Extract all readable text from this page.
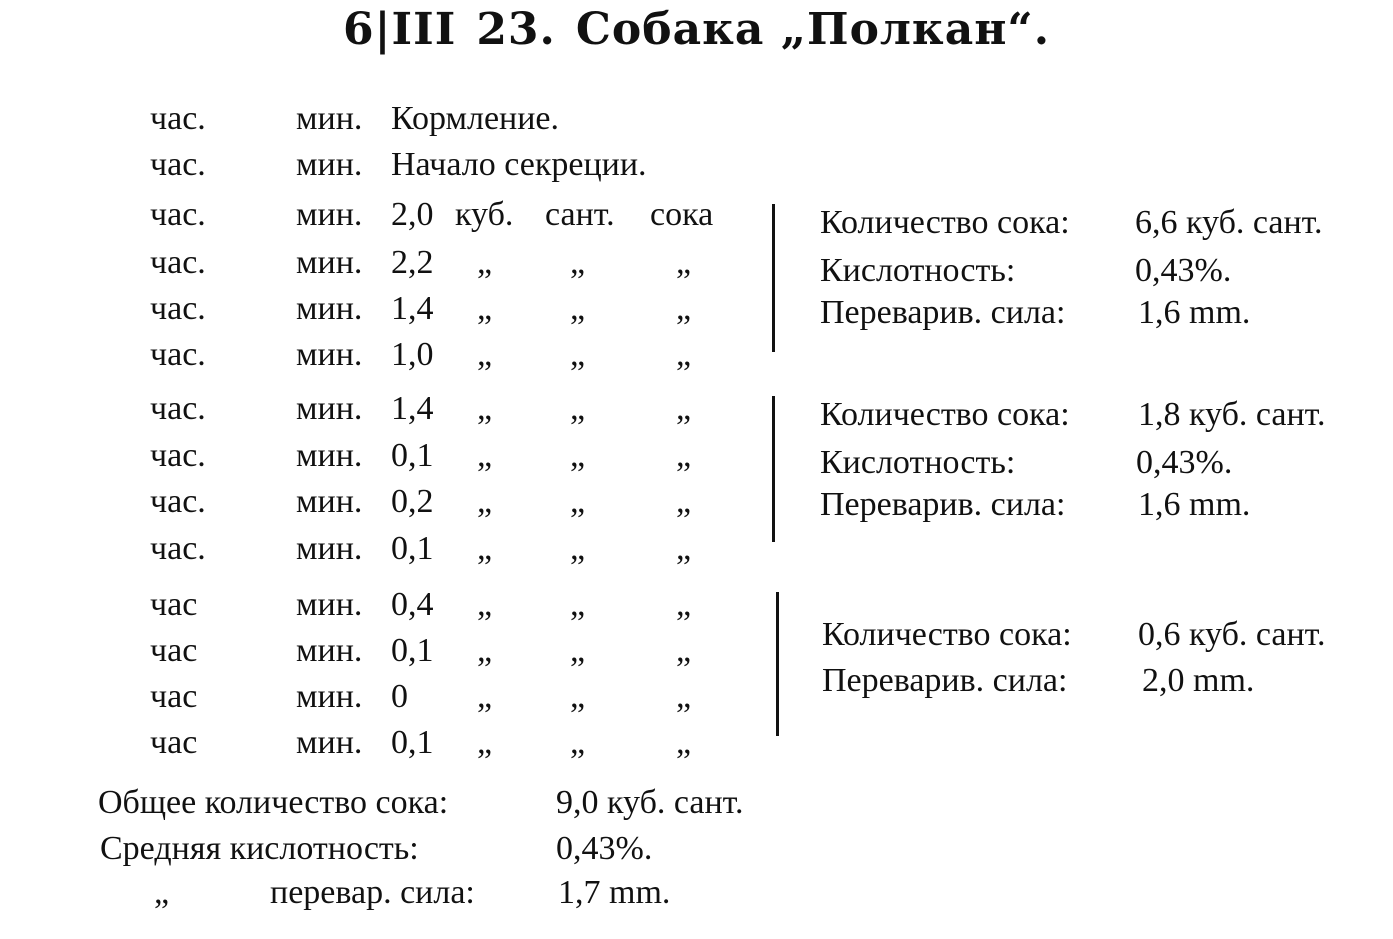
6|III 23. Собака „Полкан“.
час.	мин. Кормление.
час.	мин. Начало секреции.
час.	мин. 2,0 куб. сант. сока
час.	мин. 2,2 „ „	„
час.	мин. 1,4 „ „	„
час.	мин. 1,0 „ „	„
час.	мин. 1,4 „ „	„
час.	мин. 0,1 „ „	„
час.	мин. 0,2 „ „	„
час.	мин. 0,1 „ „	„
час	мин. 0,4 „ „	„
час	мин. 0,1 „ „	„
час	мин. 0 „ „	„
час	мин. 0,1 „ „	„
Количество сока: 6,6 куб. сант.
Кислотность:	0,43%.
Переварив. сила: 1,6 mm.
Количество сока: 1,8 куб. сант.
Кислотность:	0,43%.
Переварив. сила: 1,6 mm.
Количество сока: 0,6 куб. сант.
Переварив. сила: 2,0 mm.
Общее количество сока:	9,0 куб. сант.
Средняя кислотность:	0,43%.
„	перевар. сила: 1,7 mm.
